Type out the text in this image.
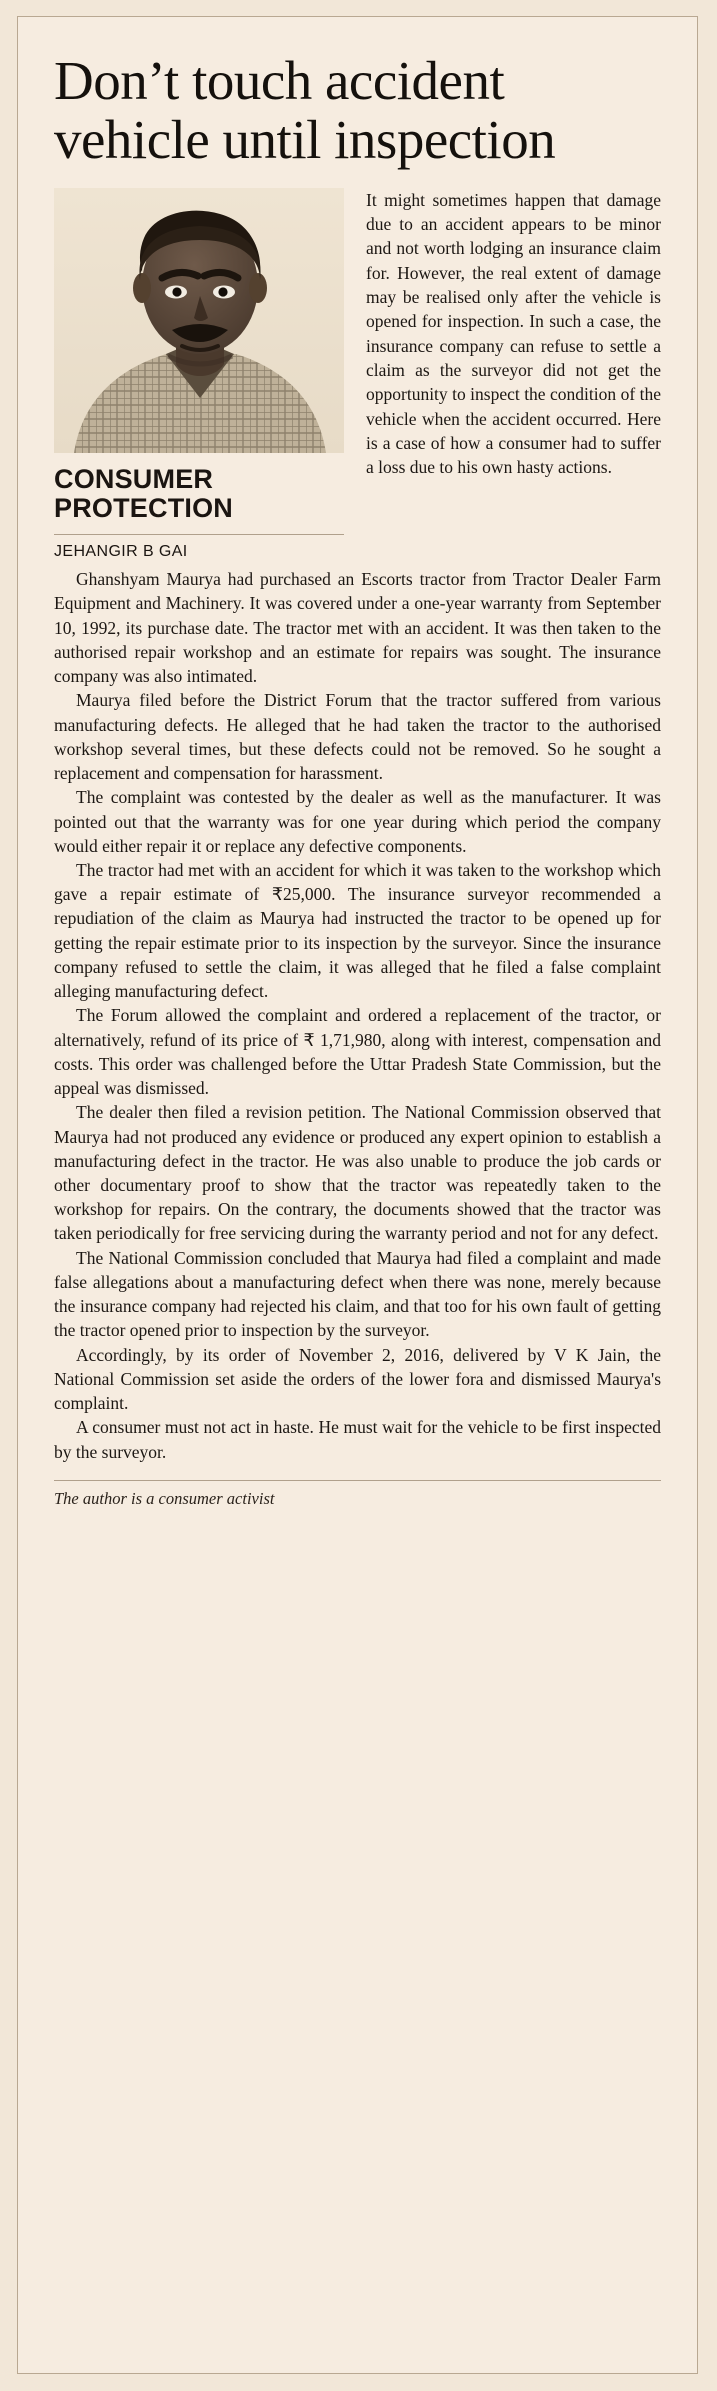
Don’t touch accident vehicle until inspection
CONSUMER PROTECTION
JEHANGIR B GAI
It might sometimes happen that damage due to an accident appears to be minor and not worth lodging an insurance claim for. However, the real extent of damage may be realised only after the vehicle is opened for inspection. In such a case, the insurance company can refuse to settle a claim as the surveyor did not get the opportunity to inspect the condition of the vehicle when the accident occurred. Here is a case of how a consumer had to suffer a loss due to his own hasty actions.

Ghanshyam Maurya had purchased an Escorts tractor from Tractor Dealer Farm Equipment and Machinery. It was covered under a one-year warranty from September 10, 1992, its purchase date. The tractor met with an accident. It was then taken to the authorised repair workshop and an estimate for repairs was sought. The insurance company was also intimated.

Maurya filed before the District Forum that the tractor suffered from various manufacturing defects. He alleged that he had taken the tractor to the authorised workshop several times, but these defects could not be removed. So he sought a replacement and compensation for harassment.

The complaint was contested by the dealer as well as the manufacturer. It was pointed out that the warranty was for one year during which period the company would either repair it or replace any defective components.

The tractor had met with an accident for which it was taken to the workshop which gave a repair estimate of ₹25,000. The insurance surveyor recommended a repudiation of the claim as Maurya had instructed the tractor to be opened up for getting the repair estimate prior to its inspection by the surveyor. Since the insurance company refused to settle the claim, it was alleged that he filed a false complaint alleging manufacturing defect.

The Forum allowed the complaint and ordered a replacement of the tractor, or alternatively, refund of its price of ₹ 1,71,980, along with interest, compensation and costs. This order was challenged before the Uttar Pradesh State Commission, but the appeal was dismissed.

The dealer then filed a revision petition. The National Commission observed that Maurya had not produced any evidence or produced any expert opinion to establish a manufacturing defect in the tractor. He was also unable to produce the job cards or other documentary proof to show that the tractor was repeatedly taken to the workshop for repairs. On the contrary, the documents showed that the tractor was taken periodically for free servicing during the warranty period and not for any defect.

The National Commission concluded that Maurya had filed a complaint and made false allegations about a manufacturing defect when there was none, merely because the insurance company had rejected his claim, and that too for his own fault of getting the tractor opened prior to inspection by the surveyor.

Accordingly, by its order of November 2, 2016, delivered by V K Jain, the National Commission set aside the orders of the lower fora and dismissed Maurya's complaint.

A consumer must not act in haste. He must wait for the vehicle to be first inspected by the surveyor.

The author is a consumer activist
